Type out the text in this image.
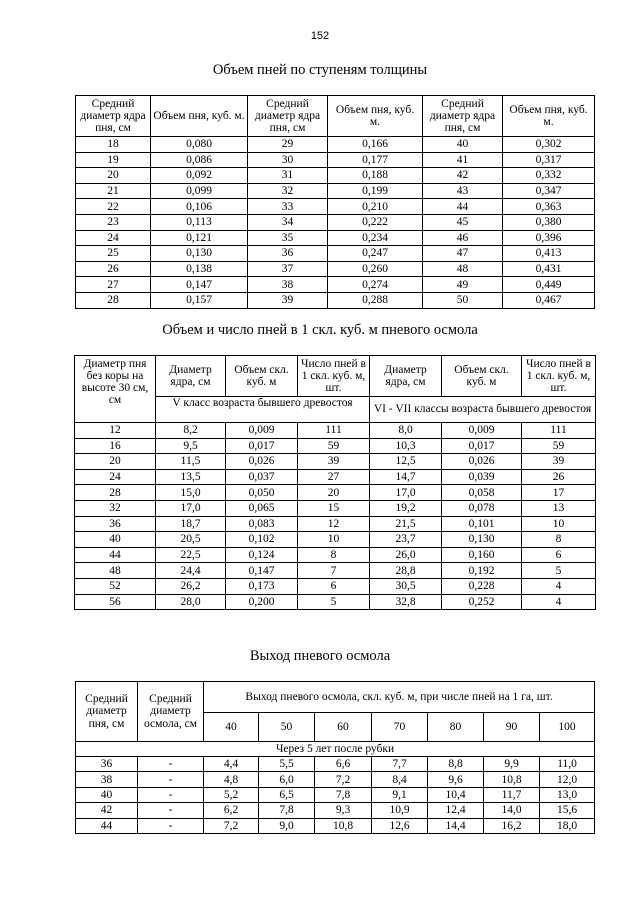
152
Объем пней по ступеням толщины
Средний диаметр ядра пня, см	Объем пня, куб. м.	Средний диаметр ядра пня, см	Объем пня, куб. м.	Средний диаметр ядра пня, см	Объем пня, куб. м.
18	0,080	29	0,166	40	0,302
19	0,086	30	0,177	41	0,317
20	0,092	31	0,188	42	0,332
21	0,099	32	0,199	43	0,347
22	0,106	33	0,210	44	0,363
23	0,113	34	0,222	45	0,380
24	0,121	35	0,234	46	0,396
25	0,130	36	0,247	47	0,413
26	0,138	37	0,260	48	0,431
27	0,147	38	0,274	49	0,449
28	0,157	39	0,288	50	0,467
Объем и число пней в 1 скл. куб. м пневого осмола
Диаметр пня без коры на высоте 30 см, см	Диаметр ядра, см	Объем скл. куб. м	Число пней в 1 скл. куб. м, шт.	Диаметр ядра, см	Объем скл. куб. м	Число пней в 1 скл. куб. м, шт.
	V класс возраста бывшего древостоя			VI - VII классы возраста бывшего древостоя		
12	8,2	0,009	111	8,0	0,009	111
16	9,5	0,017	59	10,3	0,017	59
20	11,5	0,026	39	12,5	0,026	39
24	13,5	0,037	27	14,7	0,039	26
28	15,0	0,050	20	17,0	0,058	17
32	17,0	0,065	15	19,2	0,078	13
36	18,7	0,083	12	21,5	0,101	10
40	20,5	0,102	10	23,7	0,130	8
44	22,5	0,124	8	26,0	0,160	6
48	24,4	0,147	7	28,8	0,192	5
52	26,2	0,173	6	30,5	0,228	4
56	28,0	0,200	5	32,8	0,252	4
Выход пневого осмола
Средний диаметр пня, см	Средний диаметр осмола, см	Выход пневого осмола, скл. куб. м, при числе пней на 1 га, шт.						
		40	50	60	70	80	90	100
Через 5 лет после рубки								
36	-	4,4	5,5	6,6	7,7	8,8	9,9	11,0
38	-	4,8	6,0	7,2	8,4	9,6	10,8	12,0
40	-	5,2	6,5	7,8	9,1	10,4	11,7	13,0
42	-	6,2	7,8	9,3	10,9	12,4	14,0	15,6
44	-	7,2	9,0	10,8	12,6	14,4	16,2	18,0
